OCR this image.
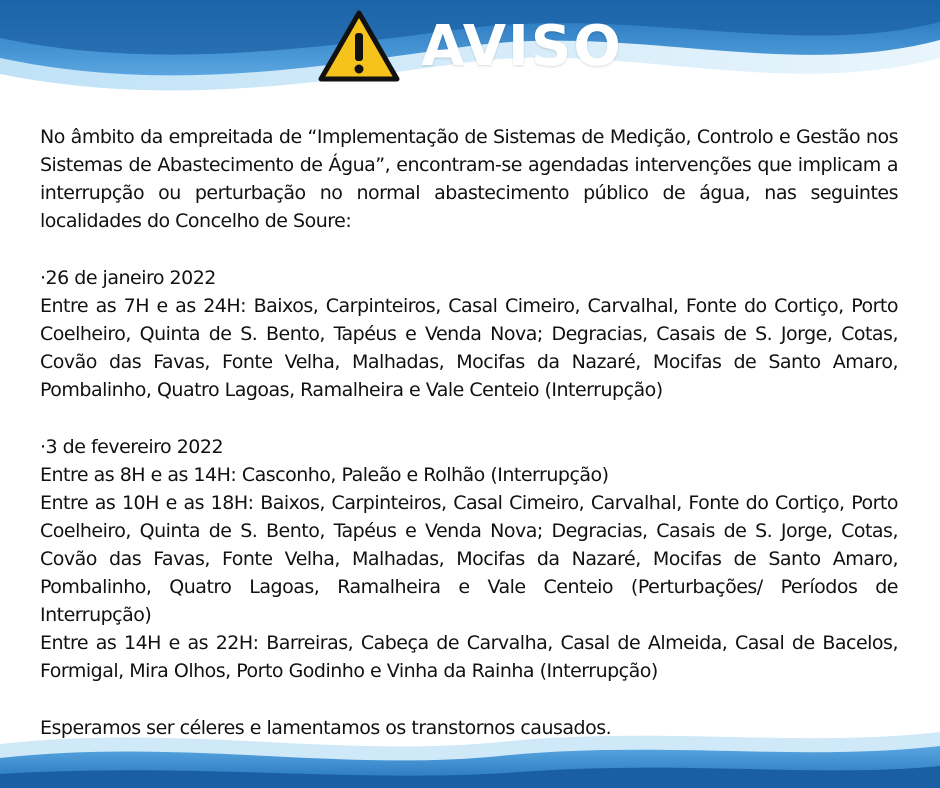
AVISO

No âmbito da empreitada de “Implementação de Sistemas de Medição, Controlo e Gestão nos Sistemas de Abastecimento de Água”, encontram-se agendadas intervenções que implicam a interrupção ou perturbação no normal abastecimento público de água, nas seguintes localidades do Concelho de Soure:

·26 de janeiro 2022

Entre as 7H e as 24H: Baixos, Carpinteiros, Casal Cimeiro, Carvalhal, Fonte do Cortiço, Porto Coelheiro, Quinta de S. Bento, Tapéus e Venda Nova; Degracias, Casais de S. Jorge, Cotas, Covão das Favas, Fonte Velha, Malhadas, Mocifas da Nazaré, Mocifas de Santo Amaro, Pombalinho, Quatro Lagoas, Ramalheira e Vale Centeio (Interrupção)

·3 de fevereiro 2022

Entre as 8H e as 14H: Casconho, Paleão e Rolhão (Interrupção)

Entre as 10H e as 18H: Baixos, Carpinteiros, Casal Cimeiro, Carvalhal, Fonte do Cortiço, Porto Coelheiro, Quinta de S. Bento, Tapéus e Venda Nova; Degracias, Casais de S. Jorge, Cotas, Covão das Favas, Fonte Velha, Malhadas, Mocifas da Nazaré, Mocifas de Santo Amaro, Pombalinho, Quatro Lagoas, Ramalheira e Vale Centeio (Perturbações/ Períodos de Interrupção)

Entre as 14H e as 22H: Barreiras, Cabeça de Carvalha, Casal de Almeida, Casal de Bacelos, Formigal, Mira Olhos, Porto Godinho e Vinha da Rainha (Interrupção)

Esperamos ser céleres e lamentamos os transtornos causados.
